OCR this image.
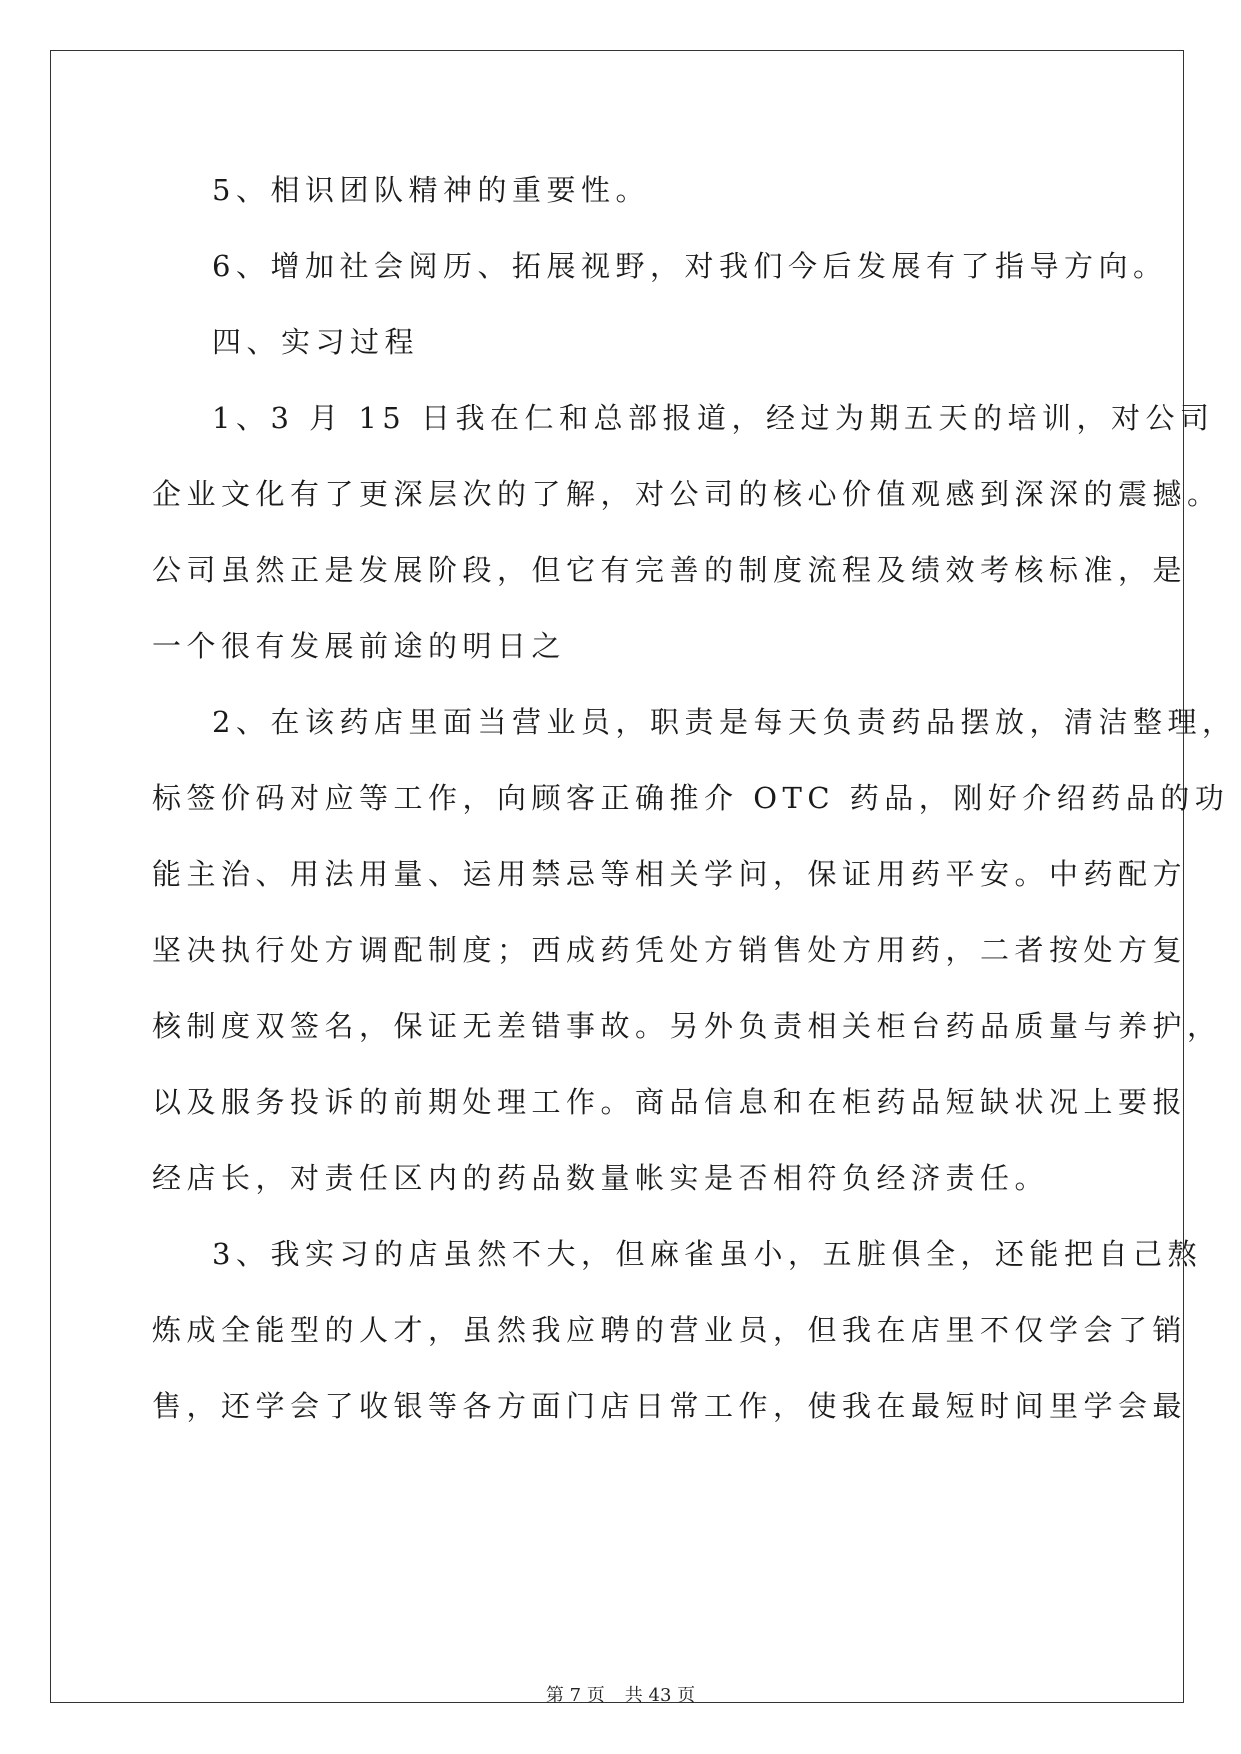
5、相识团队精神的重要性。
6、增加社会阅历、拓展视野，对我们今后发展有了指导方向。
四、实习过程
1、3 月 15 日我在仁和总部报道，经过为期五天的培训，对公司
企业文化有了更深层次的了解，对公司的核心价值观感到深深的震撼。
公司虽然正是发展阶段，但它有完善的制度流程及绩效考核标准，是
一个很有发展前途的明日之
2、在该药店里面当营业员，职责是每天负责药品摆放，清洁整理，
标签价码对应等工作，向顾客正确推介 OTC 药品，刚好介绍药品的功
能主治、用法用量、运用禁忌等相关学问，保证用药平安。中药配方
坚决执行处方调配制度；西成药凭处方销售处方用药，二者按处方复
核制度双签名，保证无差错事故。另外负责相关柜台药品质量与养护，
以及服务投诉的前期处理工作。商品信息和在柜药品短缺状况上要报
经店长，对责任区内的药品数量帐实是否相符负经济责任。
3、我实习的店虽然不大，但麻雀虽小，五脏俱全，还能把自己熬
炼成全能型的人才，虽然我应聘的营业员，但我在店里不仅学会了销
售，还学会了收银等各方面门店日常工作，使我在最短时间里学会最
第 7 页 共 43 页
